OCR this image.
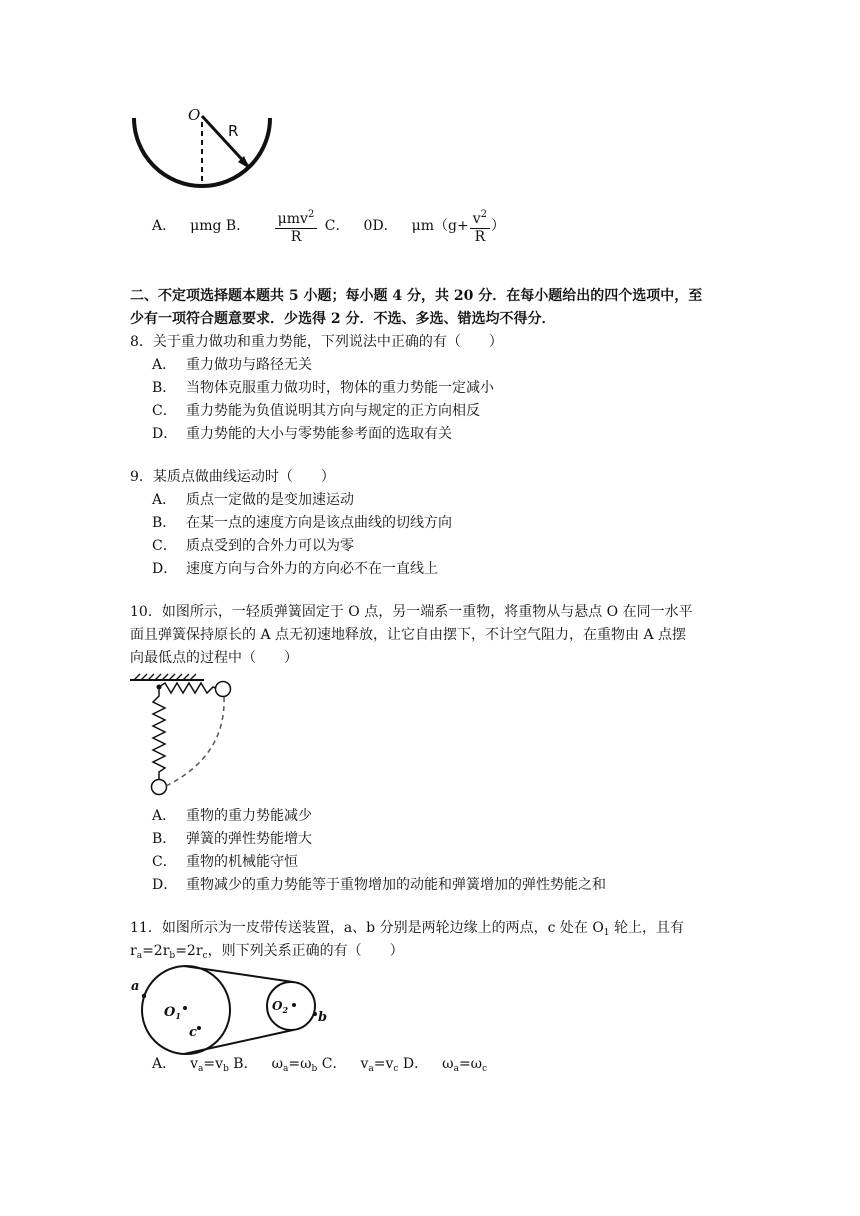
O
R
A． μmg B． $\frac{\mu mv^2}{R}$ C． 0D． $\mu m(g+ \frac{v^2}{R}$ ）
二、不定项选择题本题共 5 小题；每小题 4 分，共 20 分．在每小题给出的四个选项中，至
少有一项符合题意要求．少选得 2 分．不选、多选、错选均不得分．
8．关于重力做功和重力势能，下列说法中正确的有（　　）
A． 重力做功与路径无关
B． 当物体克服重力做功时，物体的重力势能一定减小
C． 重力势能为负值说明其方向与规定的正方向相反
D． 重力势能的大小与零势能参考面的选取有关
9．某质点做曲线运动时（　　）
A． 质点一定做的是变加速运动
B． 在某一点的速度方向是该点曲线的切线方向
C． 质点受到的合外力可以为零
D． 速度方向与合外力的方向必不在一直线上
10．如图所示，一轻质弹簧固定于 O 点，另一端系一重物，将重物从与悬点 O 在同一水平
面且弹簧保持原长的 A 点无初速地释放，让它自由摆下，不计空气阻力，在重物由 A 点摆
向最低点的过程中（　　）
A． 重物的重力势能减少
B． 弹簧的弹性势能增大
C． 重物的机械能守恒
D． 重物减少的重力势能等于重物增加的动能和弹簧增加的弹性势能之和
11．如图所示为一皮带传送装置，a、b 分别是两轮边缘上的两点，c 处在 $O_1$ 轮上，且有
$r_a=2r_b=2r_c$，则下列关系正确的有（　　）
a
$O_1$
c
$O_2$ b
A． $v_a=v_b$ B． $\omega_a=\omega_b$ C． $v_a=v_c$ D． $\omega_a=\omega_c$
